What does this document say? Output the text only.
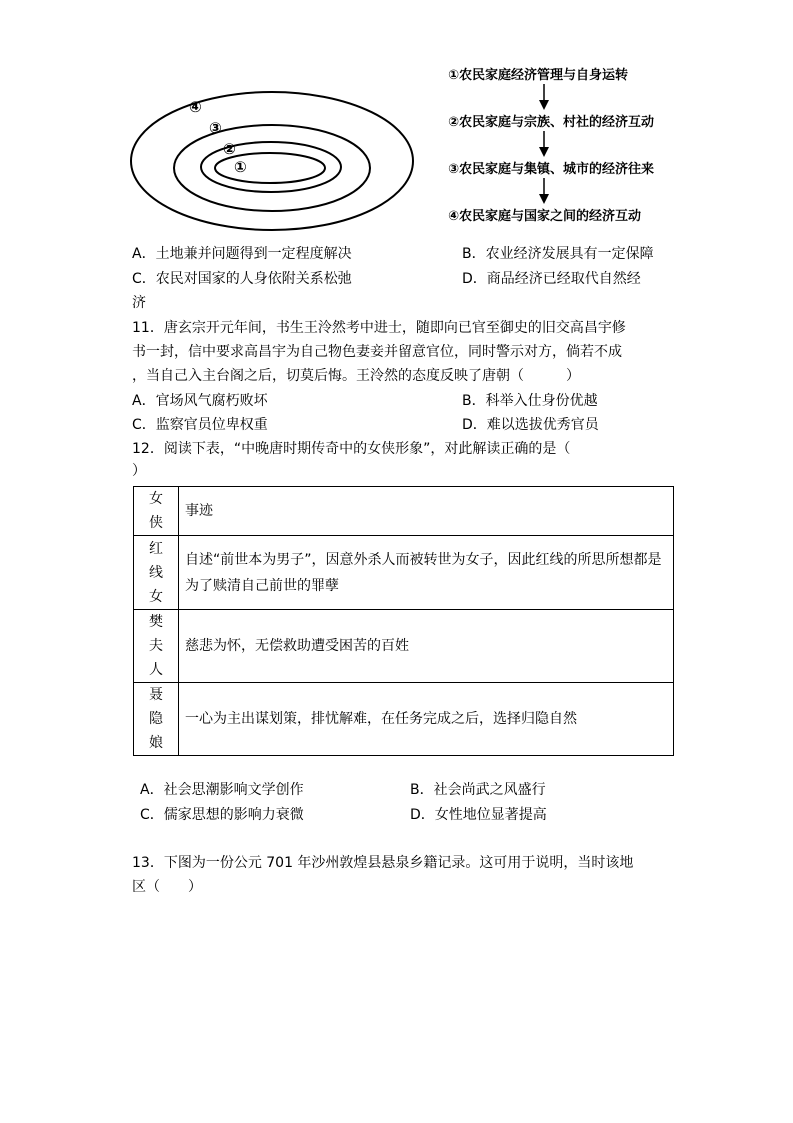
④
③
②
①
①农民家庭经济管理与自身运转
②农民家庭与宗族、村社的经济互动
③农民家庭与集镇、城市的经济往来
④农民家庭与国家之间的经济互动
A．土地兼并问题得到一定程度解决	B．农业经济发展具有一定保障
C．农民对国家的人身依附关系松弛	D．商品经济已经取代自然经
济
11．唐玄宗开元年间，书生王泠然考中进士，随即向已官至御史的旧交高昌宇修
书一封，信中要求高昌宇为自己物色妻妾并留意官位，同时警示对方，倘若不成
，当自己入主台阁之后，切莫后悔。王泠然的态度反映了唐朝（　　　）
A．官场风气腐朽败坏	B．科举入仕身份优越
C．监察官员位卑权重	D．难以选拔优秀官员
12．阅读下表，“中晚唐时期传奇中的女侠形象”，对此解读正确的是（
）
女
侠	事迹

红
线
女	自述“前世本为男子”，因意外杀人而被转世为女子，因此红线的所思所想都是为了赎清自己前世的罪孽

樊
夫
人	慈悲为怀，无偿救助遭受困苦的百姓

聂
隐
娘	一心为主出谋划策，排忧解难，在任务完成之后，选择归隐自然
A．社会思潮影响文学创作	B．社会尚武之风盛行
C．儒家思想的影响力衰微	D．女性地位显著提高
13．下图为一份公元 701 年沙州敦煌县悬泉乡籍记录。这可用于说明，当时该地
区（　　）
